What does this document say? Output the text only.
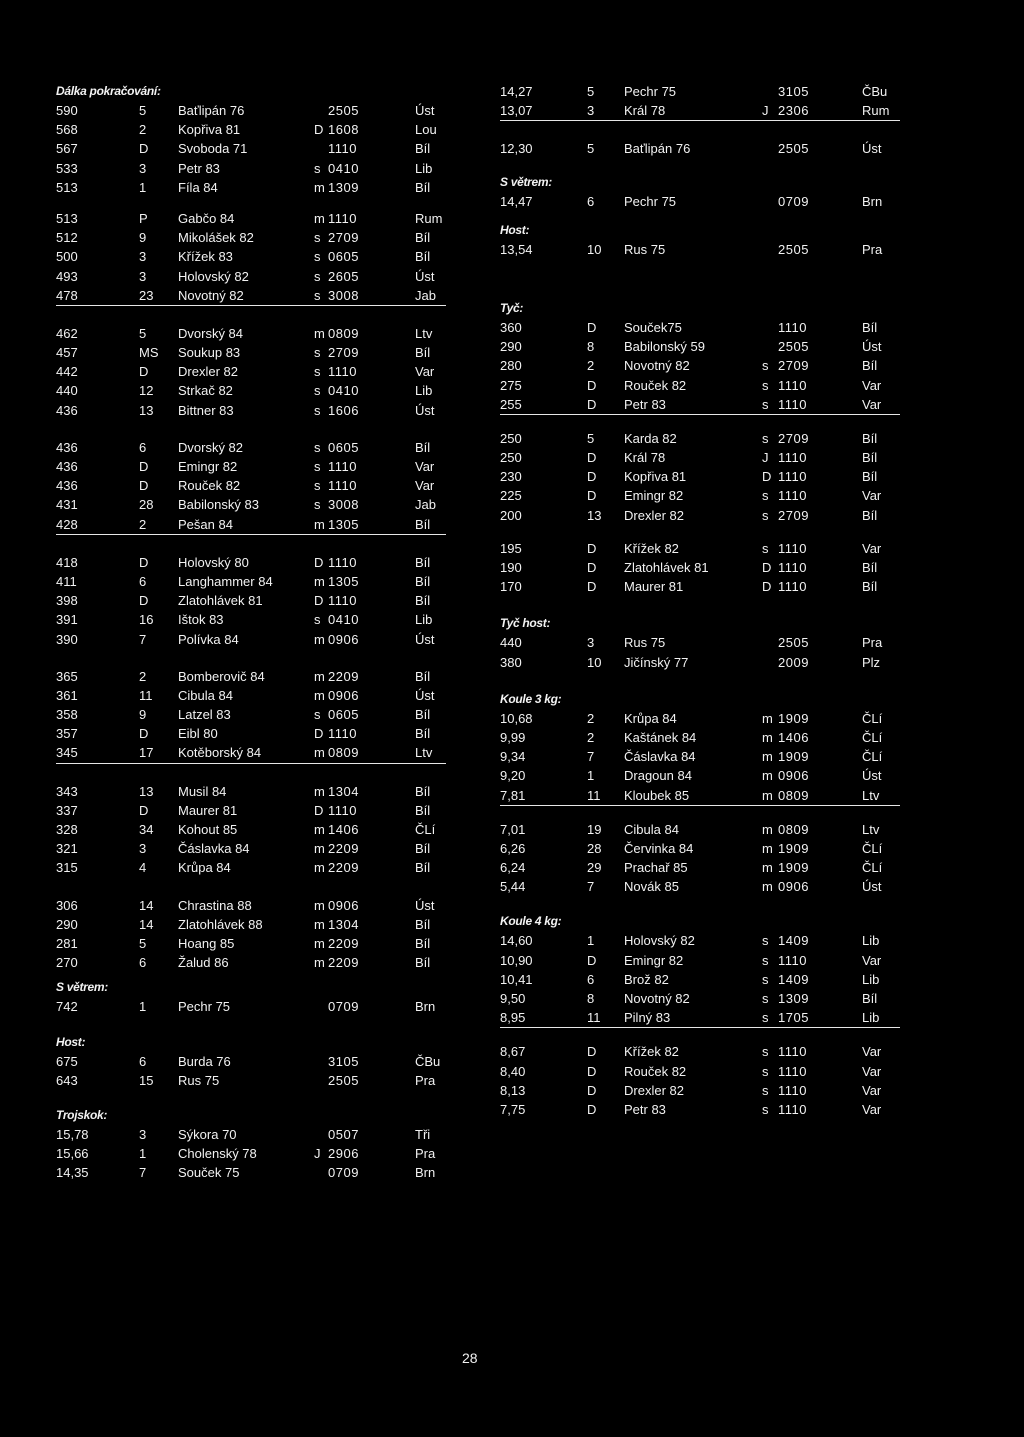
Dálka pokračování:
590	5 Baťlipán 76	2505	Úst
568	2 Kopřiva 81	D 1608	Lou
567	D Svoboda 71	1110	Bíl
533	3 Petr 83	s 0410	Lib
513	1 Fíla 84	m 1309	Bíl
513	P Gabčo 84	m 1110	Rum
512	9 Mikolášek 82	s 2709	Bíl
500	3 Křížek 83	s 0605	Bíl
493	3 Holovský 82	s 2605	Úst
478	23 Novotný 82	s 3008	Jab
462	5 Dvorský 84	m 0809	Ltv
457	MS Soukup 83	s 2709	Bíl
442	D Drexler 82	s 1110	Var
440	12 Strkač 82	s 0410	Lib
436	13 Bittner 83	s 1606	Úst
436	6 Dvorský 82	s 0605	Bíl
436	D Emingr 82	s 1110	Var
436	D Rouček 82	s 1110	Var
431	28 Babilonský 83	s 3008	Jab
428	2 Pešan 84	m 1305	Bíl
418	D Holovský 80	D 1110	Bíl
411	6 Langhammer 84	m 1305	Bíl
398	D Zlatohlávek 81	D 1110	Bíl
391	16 Ištok 83	s 0410	Lib
390	7 Polívka 84	m 0906	Úst
365	2 Bomberovič 84	m 2209	Bíl
361	11 Cibula 84	m 0906	Úst
358	9 Latzel 83	s 0605	Bíl
357	D Eibl 80	D 1110	Bíl
345	17 Kotěborský 84	m 0809	Ltv
343	13 Musil 84	m 1304	Bíl
337	D Maurer 81	D 1110	Bíl
328	34 Kohout 85	m 1406	ČLí
321	3 Čáslavka 84	m 2209	Bíl
315	4 Krůpa 84	m 2209	Bíl
306	14 Chrastina 88	m 0906	Úst
290	14 Zlatohlávek 88	m 1304	Bíl
281	5 Hoang 85	m 2209	Bíl
270	6 Žalud 86	m 2209	Bíl
S větrem:
742	1 Pechr 75	0709	Brn
Host:
675	6 Burda 76	3105	ČBu
643	15 Rus 75	2505	Pra
Trojskok:
15,78	3 Sýkora 70	0507	Tři
15,66	1 Cholenský 78	J 2906	Pra
14,35	7 Souček 75	0709	Brn
14,27	5 Pechr 75	3105	ČBu
13,07	3 Král 78	J 2306	Rum
12,30	5 Baťlipán 76	2505	Úst
S větrem:
14,47	6 Pechr 75	0709	Brn
Host:
13,54	10 Rus 75	2505	Pra
Tyč:
360	D Souček75	1110	Bíl
290	8 Babilonský 59	2505	Úst
280	2 Novotný 82	s 2709	Bíl
275	D Rouček 82	s 1110	Var
255	D Petr 83	s 1110	Var
250	5 Karda 82	s 2709	Bíl
250	D Král 78	J 1110	Bíl
230	D Kopřiva 81	D 1110	Bíl
225	D Emingr 82	s 1110	Var
200	13 Drexler 82	s 2709	Bíl
195	D Křížek 82	s 1110	Var
190	D Zlatohlávek 81	D 1110	Bíl
170	D Maurer 81	D 1110	Bíl
Tyč host:
440	3 Rus 75	2505	Pra
380	10 Jičínský 77	2009	Plz
Koule 3 kg:
10,68	2 Krůpa 84	m 1909	ČLí
9,99	2 Kaštánek 84	m 1406	ČLí
9,34	7 Čáslavka 84	m 1909	ČLí
9,20	1 Dragoun 84	m 0906	Úst
7,81	11 Kloubek 85	m 0809	Ltv
7,01	19 Cibula 84	m 0809	Ltv
6,26	28 Červinka 84	m 1909	ČLí
6,24	29 Prachař 85	m 1909	ČLí
5,44	7 Novák 85	m 0906	Úst
Koule 4 kg:
14,60	1 Holovský 82	s 1409	Lib
10,90	D Emingr 82	s 1110	Var
10,41	6 Brož 82	s 1409	Lib
9,50	8 Novotný 82	s 1309	Bíl
8,95	11 Pilný 83	s 1705	Lib
8,67	D Křížek 82	s 1110	Var
8,40	D Rouček 82	s 1110	Var
8,13	D Drexler 82	s 1110	Var
7,75	D Petr 83	s 1110	Var
28
